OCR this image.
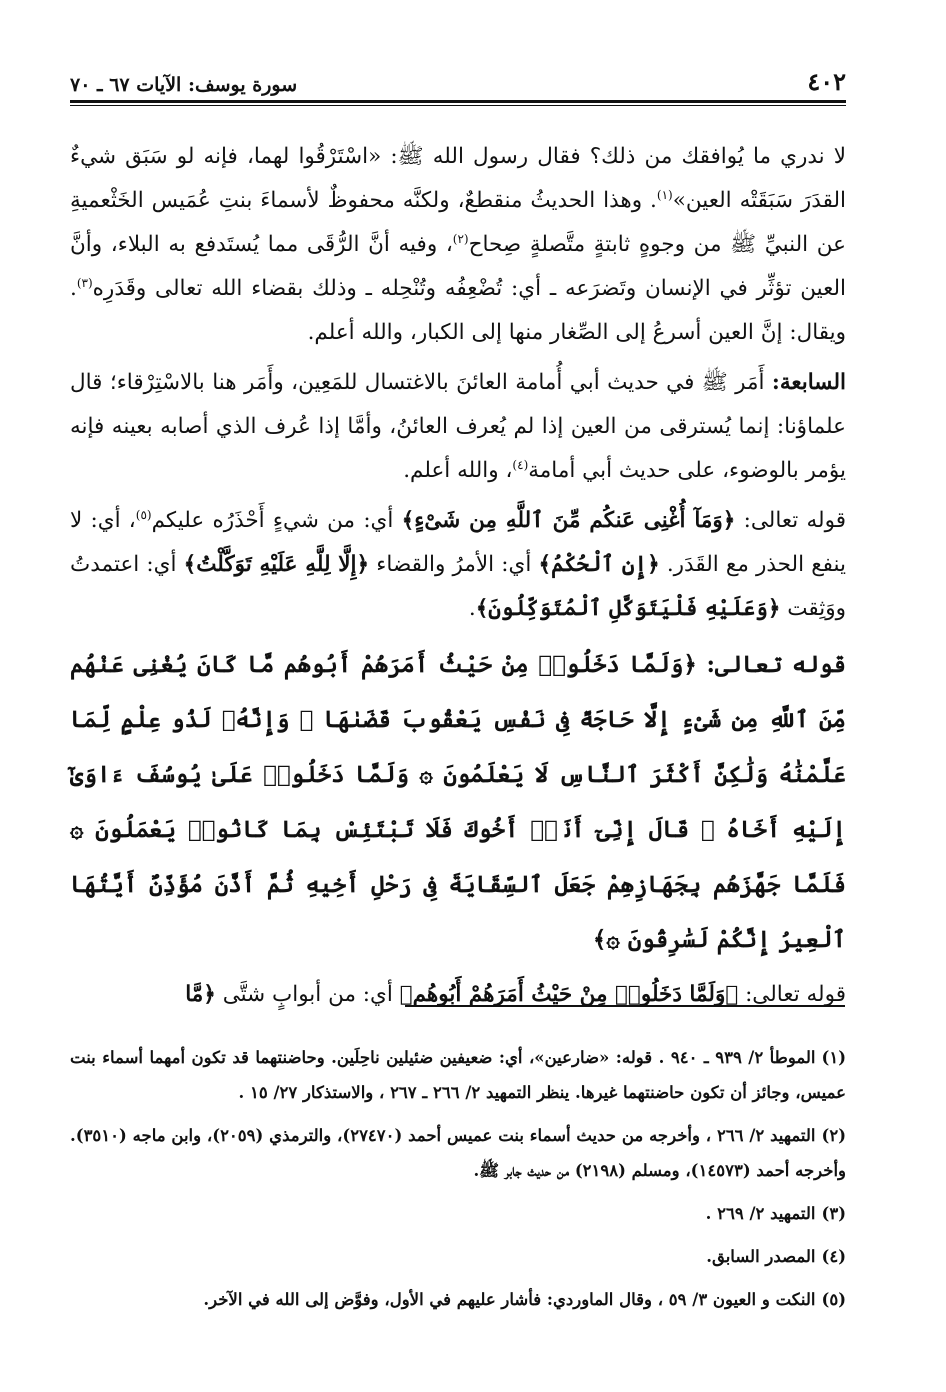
٤٠٢
سورة يوسف: الآيات ٦٧ ـ ٧٠

لا ندري ما يُوافقك من ذلك؟ فقال رسول الله ﷺ: «اسْتَرْقُوا لهما، فإنه لو سَبَق شيءٌ القدَرَ سَبَقَتْه العين»$^{(١)}$. وهذا الحديثُ منقطعٌ، ولكنَّه محفوظٌ لأسماءَ بنتِ عُمَيس الخَثْعميةِ عن النبيِّ ﷺ من وجوهٍ ثابتةٍ متَّصلةٍ صِحاح$^{(٢)}$، وفيه أنَّ الرُّقَى مما يُستَدفع به البلاء، وأنَّ العين تؤثِّر في الإنسان وتَضرَعه ـ أي: تُضْعِفُه وتُنْحِله ـ وذلك بقضاء الله تعالى وقَدَرِه$^{(٣)}$. ويقال: إنَّ العين أسرعُ إلى الصِّغار منها إلى الكبار، والله أعلم.

السابعة: أَمَر ﷺ في حديث أبي أُمامة العائنَ بالاغتسال للمَعِين، وأَمَر هنا بالاسْتِرْقاء؛ قال علماؤنا: إنما يُسترقى من العين إذا لم يُعرف العائنُ، وأمَّا إذا عُرف الذي أصابه بعينه فإنه يؤمر بالوضوء، على حديث أبي أمامة$^{(٤)}$، والله أعلم.

قوله تعالى: ﴿وَمَآ أُغْنِى عَنكُم مِّنَ ٱللَّهِ مِن شَىْءٍ﴾ أي: من شيءٍ أَحْذَرُه عليكم$^{(٥)}$، أي: لا ينفع الحذر مع القَدَر. ﴿إِنِ ٱلْحُكْمُ﴾ أي: الأمرُ والقضاء ﴿إِلَّا لِلَّهِ عَلَيْهِ تَوَكَّلْتُ﴾ أي: اعتمدتُ ووَثِقت ﴿وَعَلَيْهِ فَلْيَتَوَكَّلِ ٱلْمُتَوَكِّلُونَ﴾.

قوله تعالى: ﴿وَلَمَّا دَخَلُوا۟ مِنْ حَيْثُ أَمَرَهُمْ أَبُوهُم مَّا كَانَ يُغْنِى عَنْهُم مِّنَ ٱللَّهِ مِن شَىْءٍ إِلَّا حَاجَةً فِى نَفْسِ يَعْقُوبَ قَضَىٰهَا ۚ وَإِنَّهُۥ لَذُو عِلْمٍ لِّمَا عَلَّمْنَٰهُ وَلَٰكِنَّ أَكْثَرَ ٱلنَّاسِ لَا يَعْلَمُونَ ۞ وَلَمَّا دَخَلُوا۟ عَلَىٰ يُوسُفَ ءَاوَىٰٓ إِلَيْهِ أَخَاهُ ۖ قَالَ إِنِّىٓ أَنَا۠ أَخُوكَ فَلَا تَبْتَئِسْ بِمَا كَانُوا۟ يَعْمَلُونَ ۞ فَلَمَّا جَهَّزَهُم بِجَهَازِهِمْ جَعَلَ ٱلسِّقَايَةَ فِى رَحْلِ أَخِيهِ ثُمَّ أَذَّنَ مُؤَذِّنٌ أَيَّتُهَا ٱلْعِيرُ إِنَّكُمْ لَسَٰرِقُونَ ۞﴾

قوله تعالى: ﴿وَلَمَّا دَخَلُوا۟ مِنْ حَيْثُ أَمَرَهُمْ أَبُوهُم﴾ أي: من أبوابٍ شتَّى ﴿مَّا

(١)الموطأ ٢/ ٩٣٩ ـ ٩٤٠ . قوله: «ضارعين»، أي: ضعيفين ضئيلين ناحِلَين. وحاضنتهما قد تكون أمهما أسماء بنت عميس، وجائز أن تكون حاضنتهما غيرها. ينظر التمهيد ٢/ ٢٦٦ ـ ٢٦٧ ، والاستذكار ٢٧/ ١٥ .

(٢)التمهيد ٢/ ٢٦٦ ، وأخرجه من حديث أسماء بنت عميس أحمد (٢٧٤٧٠)، والترمذي (٢٠٥٩)، وابن ماجه (٣٥١٠). وأخرجه أحمد (١٤٥٧٣)، ومسلم (٢١٩٨) من حديث جابر ﷺ.

(٣)التمهيد ٢/ ٢٦٩ .

(٤)المصدر السابق.

(٥)النكت و العيون ٣/ ٥٩ ، وقال الماوردي: فأشار عليهم في الأول، وفوَّض إلى الله في الآخر.
